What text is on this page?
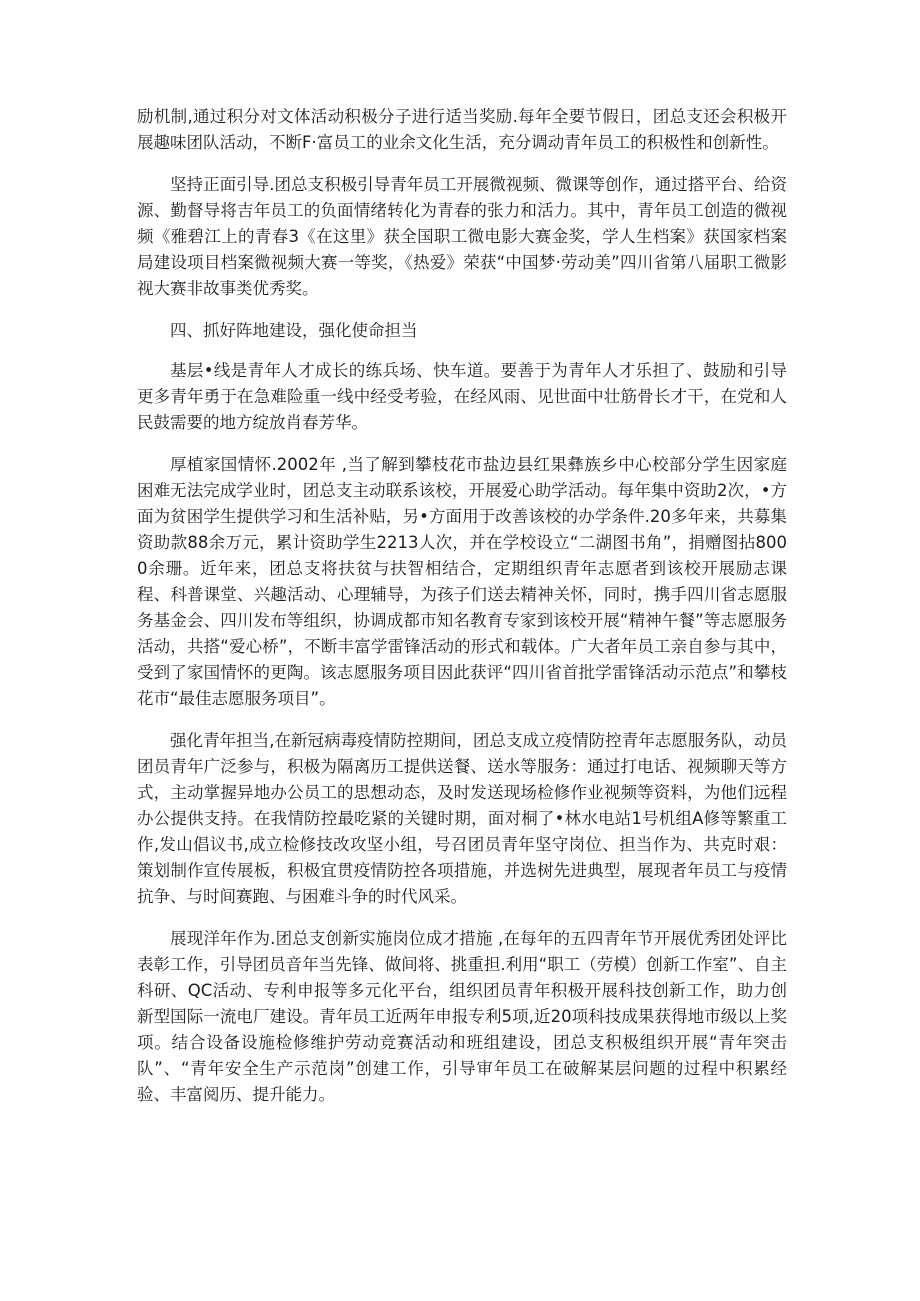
励机制,通过积分对文体活动积极分子进行适当奖励.每年全要节假日，团总支还会积极开展趣味团队活动，不断F·富员工的业余文化生活，充分调动青年员工的积极性和创新性。

坚持正面引导.团总支积极引导青年员工开展微视频、微课等创作，通过搭平台、给资源、勤督导将吉年员工的负面情绪转化为青春的张力和活力。其中，青年员工创造的微视频《雅碧江上的青春3《在这里》获全国职工微电影大赛金奖，学人生档案》获国家档案局建设项目档案微视频大赛一等奖，《热爱》荣获“中国梦·劳动美”四川省第八届职工微影视大赛非故事类优秀奖。

四、抓好阵地建设，强化使命担当

基层•线是青年人才成长的练兵场、快车道。要善于为青年人才乐担了、鼓励和引导更多青年勇于在急难险重一线中经受考验，在经风雨、见世面中壮筋骨长才干，在党和人民鼓需要的地方绽放肖春芳华。

厚植家国情怀.2002年 ,当了解到攀枝花市盐边县红果彝族乡中心校部分学生因家庭困难无法完成学业时，团总支主动联系该校，开展爱心助学活动。每年集中资助2次，•方面为贫困学生提供学习和生活补贴，另•方面用于改善该校的办学条件.20多年来，共募集资助款88余万元，累计资助学生2213人次，并在学校设立“二湖图书角”，捐赠图拈8000余珊。近年来，团总支将扶贫与扶智相结合，定期组织青年志愿者到该校开展励志课程、科普课堂、兴趣活动、心理辅导，为孩子们送去精神关怀，同时，携手四川省志愿服务基金会、四川发布等组织，协调成都市知名教育专家到该校开展“精神午餐”等志愿服务活动，共搭“爱心桥”，不断丰富学雷锋活动的形式和载体。广大者年员工亲自参与其中，受到了家国情怀的更陶。该志愿服务项目因此获评“四川省首批学雷锋活动示范点”和攀枝花市“最佳志愿服务项目”。

强化青年担当,在新冠病毒疫情防控期间，团总支成立疫情防控青年志愿服务队，动员团员青年广泛参与，积极为隔离历工提供送餐、送水等服务：通过打电话、视频聊天等方式，主动掌握异地办公员工的思想动态，及时发送现场检修作业视频等资料，为他们远程办公提供支持。在我情防控最吃紧的关键时期，面对桐了•林水电站1号机组A修等繁重工作,发山倡议书,成立检修技改攻坚小组，号召团员青年坚守岗位、担当作为、共克时艰：策划制作宣传展板，积极宜贯疫情防控各项措施，并选树先进典型，展现者年员工与疫情抗争、与时间赛跑、与困难斗争的时代风采。

展现洋年作为.团总支创新实施岗位成才措施 ,在每年的五四青年节开展优秀团处评比表彰工作，引导团员音年当先锋、做间将、挑重担.利用“职工（劳模）创新工作室”、自主科研、QC活动、专利申报等多元化平台，组织团员青年积极开展科技创新工作，助力创新型国际一流电厂建设。青年员工近两年申报专利5项,近20项科技成果获得地市级以上奖项。结合设备设施检修维护劳动竞赛活动和班组建设，团总支积极组织开展“青年突击队”、“青年安全生产示范岗”创建工作，引导审年员工在破解某层问题的过程中积累经验、丰富阅历、提升能力。
